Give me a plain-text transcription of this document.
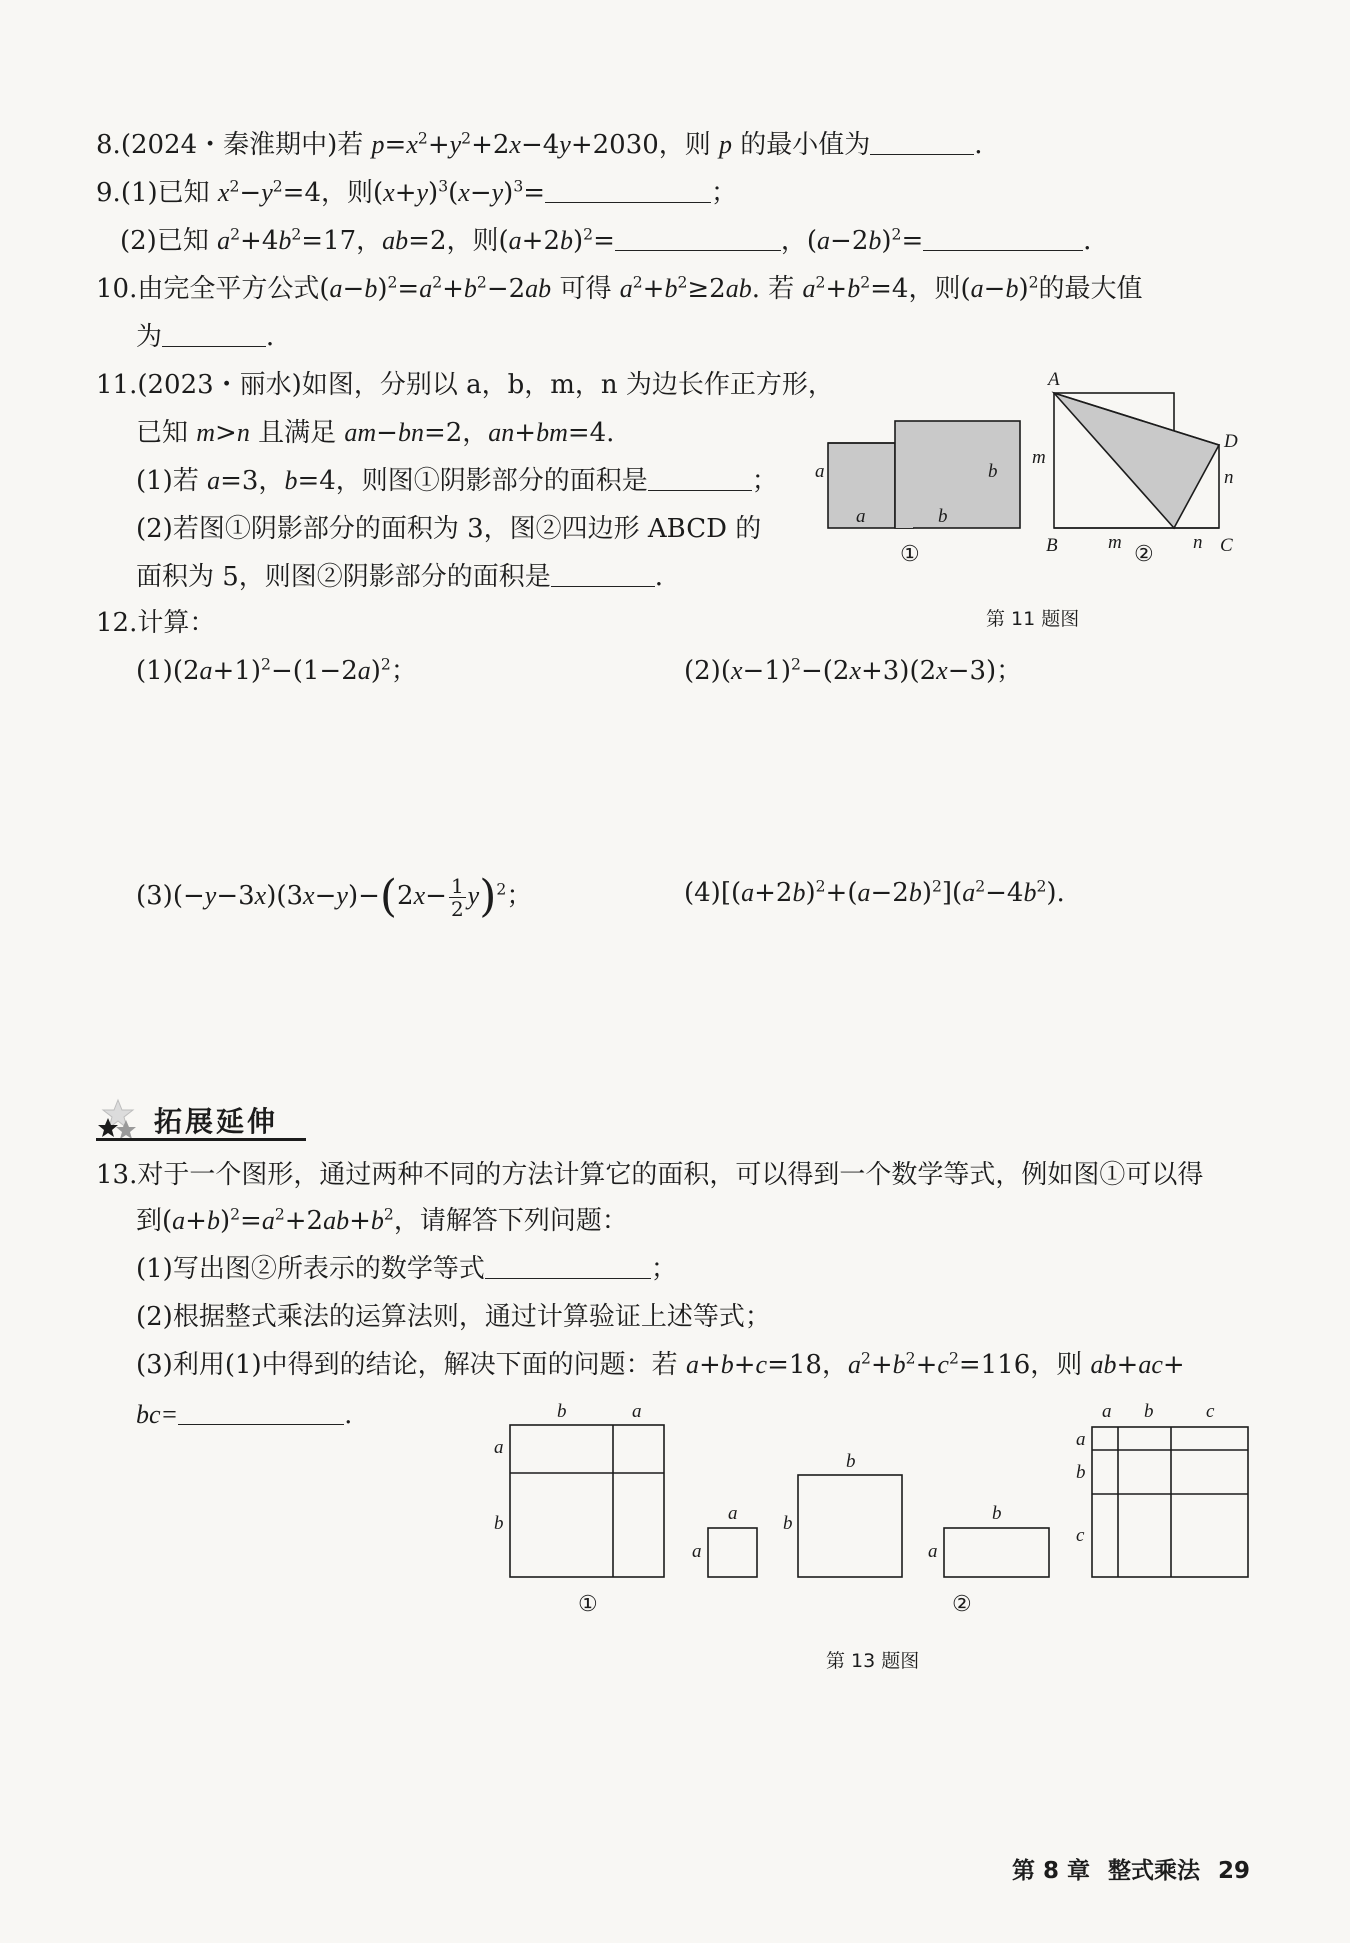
8.(2024・秦淮期中)若 $p=x^2+y^2+2x-4y+2030$，则 p 的最小值为	．
9.(1)已知 $x^2-y^2=4$，则$(x+y)^3(x-y)^3=$	；
(2)已知 $a^2+4b^2=17$，ab=2，则$(a+2b)^2=$	，$(a-2b)^2=$	．
10.由完全平方公式$(a-b)^2=a^2+b^2-2ab$ 可得 $a^2+b^2\ge 2ab$. 若 $a^2+b^2=4$，则$(a-b)^2$的最大值
为	．
11.(2023・丽水)如图，分别以 a，b，m，n 为边长作正方形，
已知 m>n 且满足 am−bn=2，an+bm=4.
(1)若 a=3，b=4，则图①阴影部分的面积是	；
(2)若图①阴影部分的面积为 3，图②四边形 ABCD 的
面积为 5，则图②阴影部分的面积是	．
a
a
b
b
①
A
D
B	C
m
m	n
n
②
第 11 题图
12.计算：
$(1)(2a+1)^2-(1-2a)^2$；	$(2)(x-1)^2-(2x+3)(2x-3)$；
$(3)(-y-3x)(3x-y)-(2x- \frac{1}{2} y)^2$；	$(4)[(a+2b)^2+(a-2b)^2](a^2-4b^2)$.
拓展延伸
13.对于一个图形，通过两种不同的方法计算它的面积，可以得到一个数学等式，例如图①可以得
到$(a+b)^2=a^2+2ab+b^2$，请解答下列问题：
(1)写出图②所表示的数学等式	；
(2)根据整式乘法的运算法则，通过计算验证上述等式；
(3)利用(1)中得到的结论，解决下面的问题：若 a+b+c=18，$a^2+b^2+c^2=116$，则 ab+ac+
bc=	.	b	a
a
b
①
a
a
b
b	b
a
②
a b	c
a
b
c
第 13 题图
第 8 章 整式乘法 29
